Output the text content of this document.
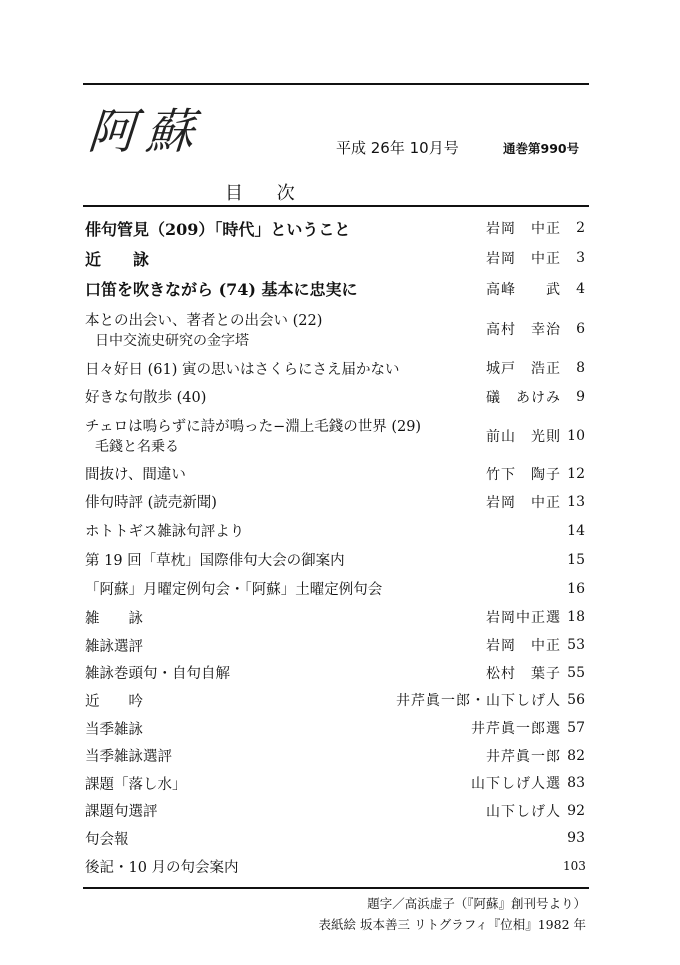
阿蘇	平成 26年 10月号	通巻第990号
目 次
俳句管見（209）「時代」ということ	岩岡　中正	2
近　　詠	岩岡　中正	3
口笛を吹きながら (74) 基本に忠実に	高峰　　武	4
本との出会い、著者との出会い (22)
日中交流史研究の金字塔
高村　幸治	6
日々好日 (61) 寅の思いはさくらにさえ届かない	城戸　浩正	8
好きな句散歩 (40)	礒　あけみ	9
チェロは鳴らずに詩が鳴った−淵上毛錢の世界 (29)
毛錢と名乗る
前山　光則 10
間抜け、間違い	竹下　陶子 12
俳句時評 (読売新聞)	岩岡　中正 13
ホトトギス雑詠句評より	14
第 19 回「草枕」国際俳句大会の御案内	15
「阿蘇」月曜定例句会・「阿蘇」土曜定例句会	16
雑　　詠	岩岡中正選 18
雑詠選評	岩岡　中正 53
雑詠巻頭句・自句自解	松村　葉子 55
近　　吟	井芹眞一郎・山下しげ人 56
当季雑詠	井芹眞一郎選 57
当季雑詠選評	井芹眞一郎 82
課題「落し水」	山下しげ人選 83
課題句選評	山下しげ人 92
句会報	93
後記・10 月の句会案内	103
題字／高浜虚子（『阿蘇』創刊号より）
表紙絵 坂本善三 リトグラフィ『位相』1982 年
